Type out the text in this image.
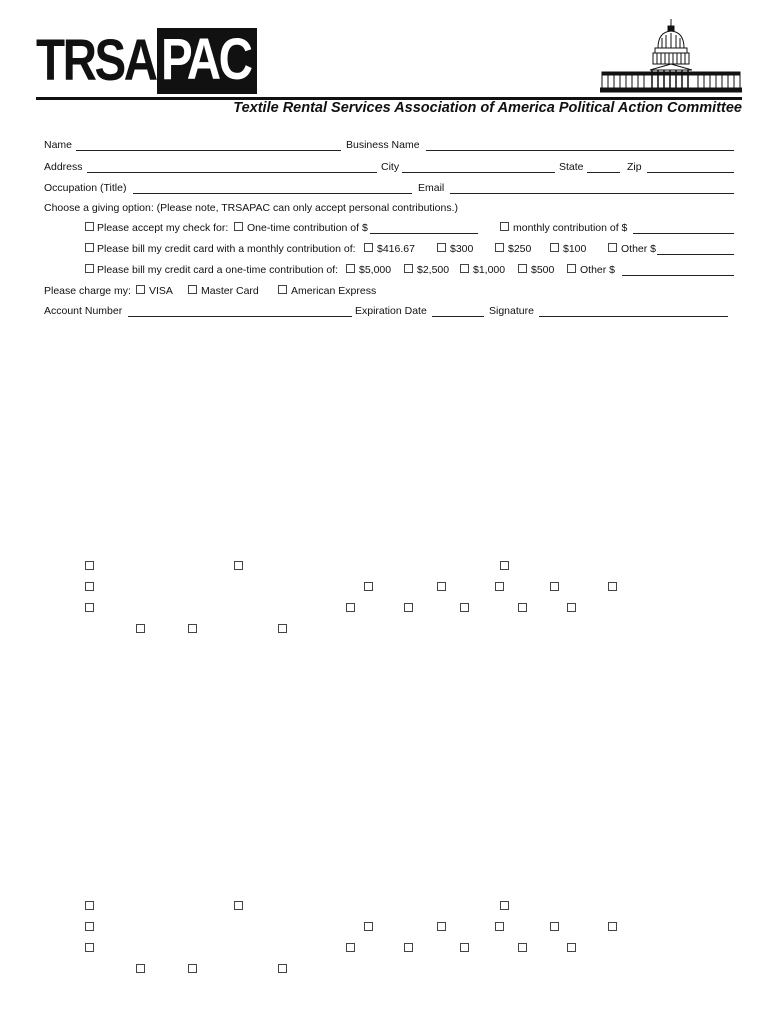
TRSA PAC
Textile Rental Services Association of America Political Action Committee
Name	Business Name
Address	City	State	Zip
Occupation (Title)	Email
Choose a giving option: (Please note, TRSAPAC can only accept personal contributions.)
Please accept my check for: One-time contribution of $	monthly contribution of $
Please bill my credit card with a monthly contribution of: $416.67	$300	$250	$100	Other $
Please bill my credit card a one-time contribution of: $5,000 $2,500 $1,000 $500 Other $
Please charge my: VISA	Master Card	American Express
Account Number	Expiration Date	Signature
